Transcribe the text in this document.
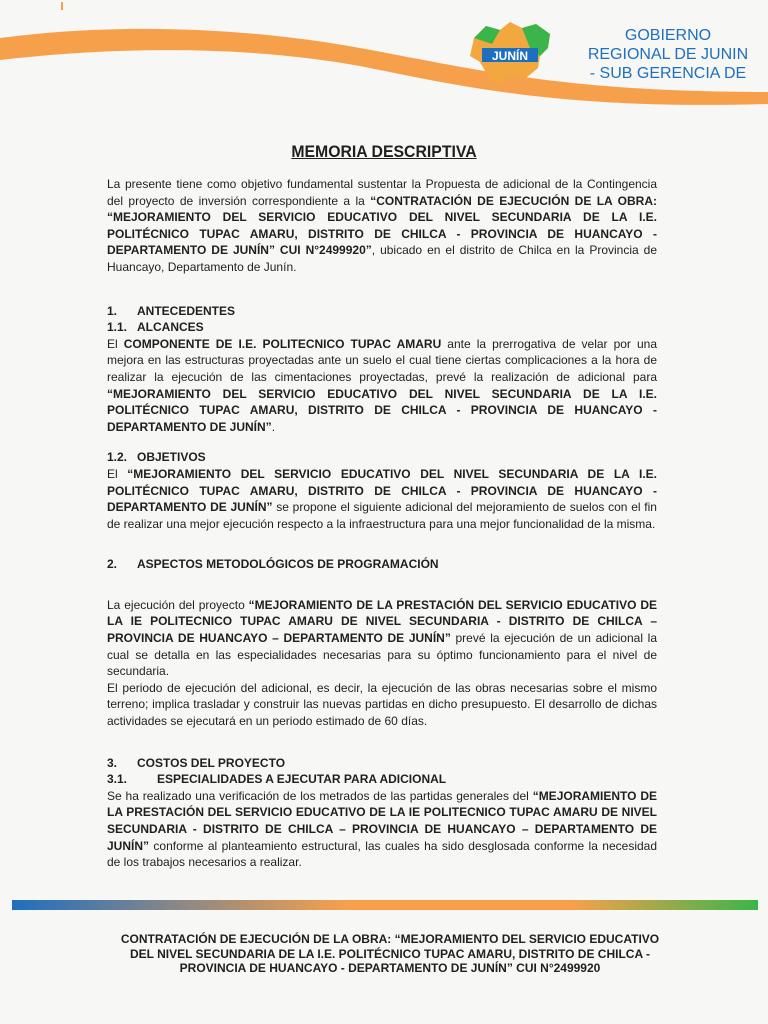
JUNÍN
GOBIERNO
REGIONAL DE JUNIN
- SUB GERENCIA DE
MEMORIA DESCRIPTIVA

La presente tiene como objetivo fundamental sustentar la Propuesta de adicional de la Contingencia del proyecto de inversión correspondiente a la “CONTRATACIÓN DE EJECUCIÓN DE LA OBRA: “MEJORAMIENTO DEL SERVICIO EDUCATIVO DEL NIVEL SECUNDARIA DE LA I.E. POLITÉCNICO TUPAC AMARU, DISTRITO DE CHILCA - PROVINCIA DE HUANCAYO - DEPARTAMENTO DE JUNÍN” CUI N°2499920”, ubicado en el distrito de Chilca en la Provincia de Huancayo, Departamento de Junín.

1. ANTECEDENTES

1.1. ALCANCES

El COMPONENTE DE I.E. POLITECNICO TUPAC AMARU ante la prerrogativa de velar por una mejora en las estructuras proyectadas ante un suelo el cual tiene ciertas complicaciones a la hora de realizar la ejecución de las cimentaciones proyectadas, prevé la realización de adicional para “MEJORAMIENTO DEL SERVICIO EDUCATIVO DEL NIVEL SECUNDARIA DE LA I.E. POLITÉCNICO TUPAC AMARU, DISTRITO DE CHILCA - PROVINCIA DE HUANCAYO - DEPARTAMENTO DE JUNÍN”.

1.2. OBJETIVOS

El “MEJORAMIENTO DEL SERVICIO EDUCATIVO DEL NIVEL SECUNDARIA DE LA I.E. POLITÉCNICO TUPAC AMARU, DISTRITO DE CHILCA - PROVINCIA DE HUANCAYO - DEPARTAMENTO DE JUNÍN” se propone el siguiente adicional del mejoramiento de suelos con el fin de realizar una mejor ejecución respecto a la infraestructura para una mejor funcionalidad de la misma.

2. ASPECTOS METODOLÓGICOS DE PROGRAMACIÓN

La ejecución del proyecto “MEJORAMIENTO DE LA PRESTACIÓN DEL SERVICIO EDUCATIVO DE LA IE POLITECNICO TUPAC AMARU DE NIVEL SECUNDARIA - DISTRITO DE CHILCA – PROVINCIA DE HUANCAYO – DEPARTAMENTO DE JUNÍN” prevé la ejecución de un adicional la cual se detalla en las especialidades necesarias para su óptimo funcionamiento para el nivel de secundaria.

El periodo de ejecución del adicional, es decir, la ejecución de las obras necesarias sobre el mismo terreno; implica trasladar y construir las nuevas partidas en dicho presupuesto. El desarrollo de dichas actividades se ejecutará en un periodo estimado de 60 días.

3. COSTOS DEL PROYECTO

3.1. ESPECIALIDADES A EJECUTAR PARA ADICIONAL

Se ha realizado una verificación de los metrados de las partidas generales del “MEJORAMIENTO DE LA PRESTACIÓN DEL SERVICIO EDUCATIVO DE LA IE POLITECNICO TUPAC AMARU DE NIVEL SECUNDARIA - DISTRITO DE CHILCA – PROVINCIA DE HUANCAYO – DEPARTAMENTO DE JUNÍN” conforme al planteamiento estructural, las cuales ha sido desglosada conforme la necesidad de los trabajos necesarios a realizar.

CONTRATACIÓN DE EJECUCIÓN DE LA OBRA: “MEJORAMIENTO DEL SERVICIO EDUCATIVO DEL NIVEL SECUNDARIA DE LA I.E. POLITÉCNICO TUPAC AMARU, DISTRITO DE CHILCA - PROVINCIA DE HUANCAYO - DEPARTAMENTO DE JUNÍN” CUI N°2499920
